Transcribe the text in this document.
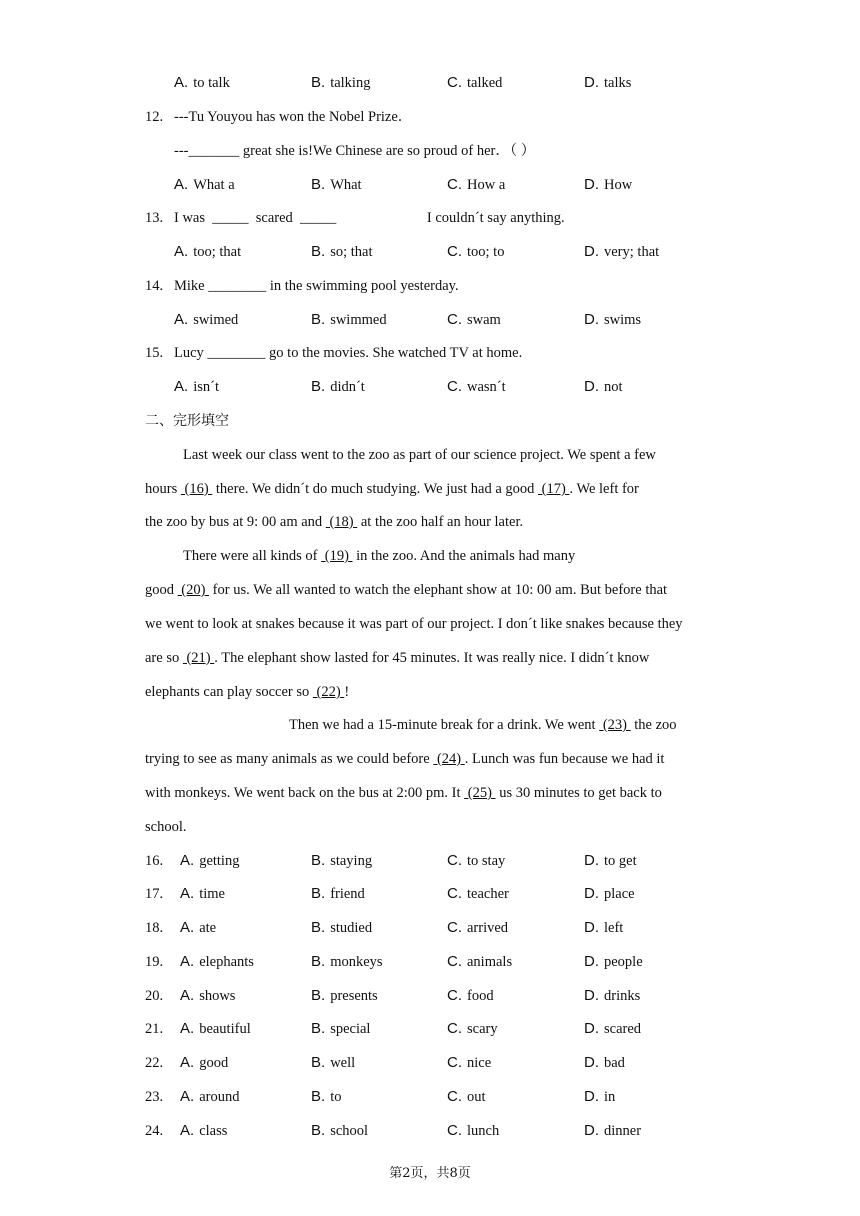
A. to talk	B. talking	C. talked	D. talks
12. ---Tu Youyou has won the Nobel Prize．
---_______ great she is!We Chinese are so proud of her．（ ）
A. What a	B. What	C. How a	D. How
13. I was  _____  scared  _____                         I couldnˊt say anything.
A. too; that	B. so; that	C. too; to	D. very; that
14. Mike ________ in the swimming pool yesterday.
A. swimed	B. swimmed	C. swam	D. swims
15. Lucy ________ go to the movies. She watched TV at home.
A. isnˊt	B. didnˊt	C. wasnˊt	D. not
二、完形填空
Last week our class went to the zoo as part of our science project. We spent a few
hours  (16)  there. We didnˊt do much studying. We just had a good  (17) . We left for
the zoo by bus at 9: 00 am and  (18)  at the zoo half an hour later.
There were all kinds of  (19)  in the zoo. And the animals had many
good  (20)  for us. We all wanted to watch the elephant show at 10: 00 am. But before that
we went to look at snakes because it was part of our project. I donˊt like snakes because they
are so  (21) . The elephant show lasted for 45 minutes. It was really nice. I didnˊt know
elephants can play soccer so  (22) !
Then we had a 15-minute break for a drink. We went  (23)  the zoo
trying to see as many animals as we could before  (24) . Lunch was fun because we had it
with monkeys. We went back on the bus at 2:00 pm. It  (25)  us 30 minutes to get back to
school.
16. A. getting	B. staying	C. to stay	D. to get
17. A. time	B. friend	C. teacher	D. place
18. A. ate	B. studied	C. arrived	D. left
19. A. elephants	B. monkeys	C. animals	D. people
20. A. shows	B. presents	C. food	D. drinks
21. A. beautiful	B. special	C. scary	D. scared
22. A. good	B. well	C. nice	D. bad
23. A. around	B. to	C. out	D. in
24. A. class	B. school	C. lunch	D. dinner
第2页，共8页
